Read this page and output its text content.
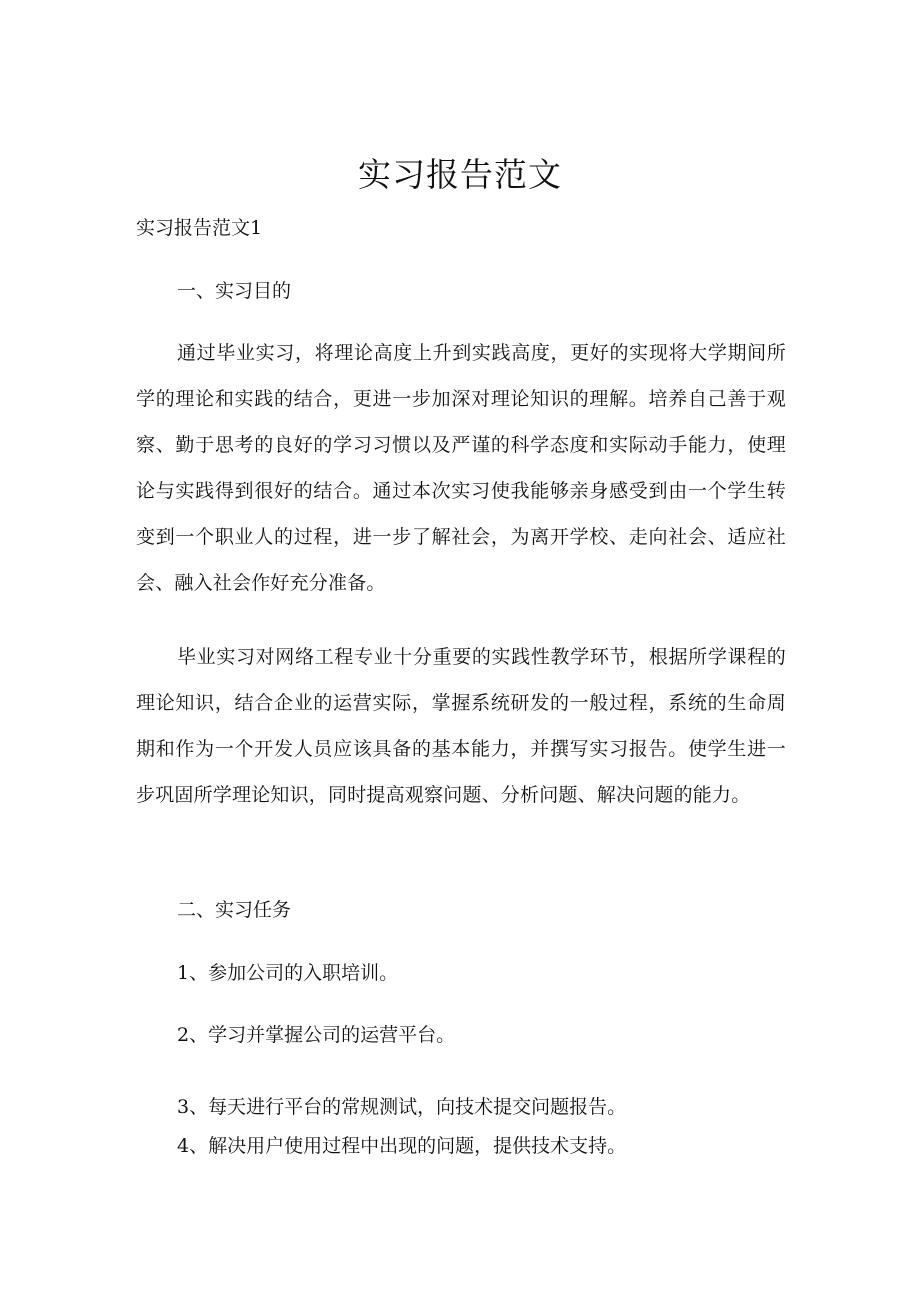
实习报告范文
实习报告范文1
一、实习目的
通过毕业实习，将理论高度上升到实践高度，更好的实现将大学期间所学的理论和实践的结合，更进一步加深对理论知识的理解。培养自己善于观察、勤于思考的良好的学习习惯以及严谨的科学态度和实际动手能力，使理论与实践得到很好的结合。通过本次实习使我能够亲身感受到由一个学生转变到一个职业人的过程，进一步了解社会，为离开学校、走向社会、适应社会、融入社会作好充分准备。
毕业实习对网络工程专业十分重要的实践性教学环节，根据所学课程的理论知识，结合企业的运营实际，掌握系统研发的一般过程，系统的生命周期和作为一个开发人员应该具备的基本能力，并撰写实习报告。使学生进一步巩固所学理论知识，同时提高观察问题、分析问题、解决问题的能力。
二、实习任务
1、参加公司的入职培训。
2、学习并掌握公司的运营平台。
3、每天进行平台的常规测试，向技术提交问题报告。
4、解决用户使用过程中出现的问题，提供技术支持。
